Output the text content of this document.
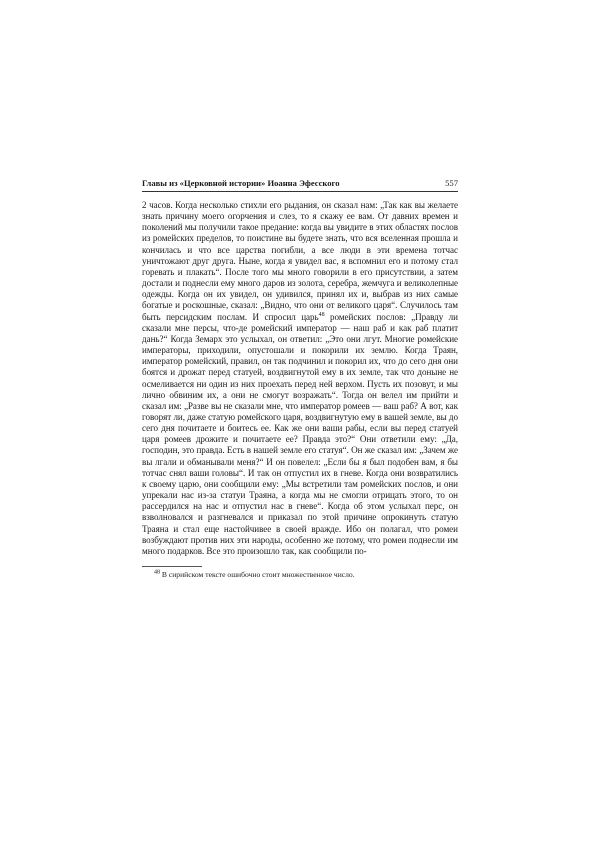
Главы из «Церковной истории» Иоанна Эфесского	557

2 часов. Когда несколько стихли его рыдания, он сказал нам: „Так как вы желаете знать причину моего огорчения и слез, то я скажу ее вам. От давних времен и поколений мы получили такое предание: когда вы увидите в этих областях послов из ромейских пределов, то поистине вы будете знать, что вся вселенная прошла и кончилась и что все царства погибли, а все люди в эти времена тотчас уничтожают друг друга. Ныне, когда я увидел вас, я вспомнил его и потому стал горевать и плакать“. После того мы много говорили в его присутствии, а затем достали и поднесли ему много даров из золота, серебра, жемчуга и великолепные одежды. Когда он их увидел, он удивился, принял их и, выбрав из них самые богатые и роскошные, сказал: „Видно, что они от великого царя“. Случилось там быть персидским послам. И спросил царь$^{48}$ ромейских послов: „Правду ли сказали мне персы, что-де ромейский император — наш раб и как раб платит дань?“ Когда Земарх это услыхал, он ответил: „Это они лгут. Многие ромейские императоры, приходили, опустошали и покорили их землю. Когда Траян, император ромейский, правил, он так подчинил и покорил их, что до сего дня они боятся и дрожат перед статуей, воздвигнутой ему в их земле, так что доныне не осмеливается ни один из них проехать перед ней верхом. Пусть их позовут, и мы лично обвиним их, а они не смогут возражать“. Тогда он велел им прийти и сказал им: „Разве вы не сказали мне, что император ромеев — ваш раб? А вот, как говорят ли, даже статую ромейского царя, воздвигнутую ему в вашей земле, вы до сего дня почитаете и боитесь ее. Как же они ваши рабы, если вы перед статуей царя ромеев дрожите и почитаете ее? Правда это?“ Они ответили ему: „Да, господин, это правда. Есть в нашей земле его статуя“. Он же сказал им: „Зачем же вы лгали и обманывали меня?“ И он повелел: „Если бы я был подобен вам, я бы тотчас снял ваши головы“. И так он отпустил их в гневе. Когда они возвратились к своему царю, они сообщили ему: „Мы встретили там ромейских послов, и они упрекали нас из-за статуи Траяна, а когда мы не смогли отрицать этого, то он рассердился на нас и отпустил нас в гневе“. Когда об этом услыхал перс, он взволновался и разгневался и приказал по этой причине опрокинуть статую Траяна и стал еще настойчивее в своей вражде. Ибо он полагал, что ромеи возбуждают против них эти народы, особенно же потому, что ромеи поднесли им много подарков. Все это произошло так, как сообщили по-

$^{48}$ В сирийском тексте ошибочно стоит множественное число.
